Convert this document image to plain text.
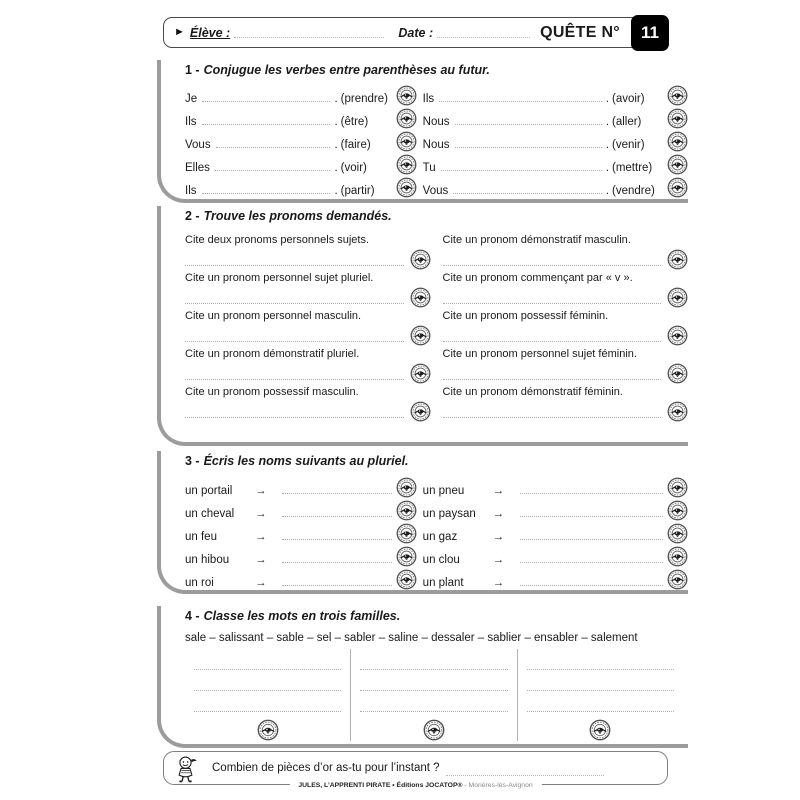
► Élève :	Date :	QUÊTE N°	11
1 - Conjugue les verbes entre parenthèses au futur.
Je	. (prendre)
Ils	. (être)
Vous	. (faire)
Elles	. (voir)
Ils	. (partir)
Ils	. (avoir)
Nous	. (aller)
Nous	. (venir)
Tu	. (mettre)
Vous	. (vendre)
2 - Trouve les pronoms demandés.
Cite deux pronoms personnels sujets.
Cite un pronom personnel sujet pluriel.
Cite un pronom personnel masculin.
Cite un pronom démonstratif pluriel.
Cite un pronom possessif masculin.
Cite un pronom démonstratif masculin.
Cite un pronom commençant par « v ».
Cite un pronom possessif féminin.
Cite un pronom personnel sujet féminin.
Cite un pronom démonstratif féminin.
3 - Écris les noms suivants au pluriel.
un portail	→
un cheval	→
un feu	→
un hibou	→
un roi	→
un pneu	→
un paysan	→
un gaz	→
un clou	→
un plant	→
4 - Classe les mots en trois familles.
sale – salissant – sable – sel – sabler – saline – dessaler – sablier – ensabler – salement
Combien de pièces d’or as-tu pour l’instant ?
JULES, L’APPRENTI PIRATE • Éditions JOCATOP® - Morières-lès-Avignon
